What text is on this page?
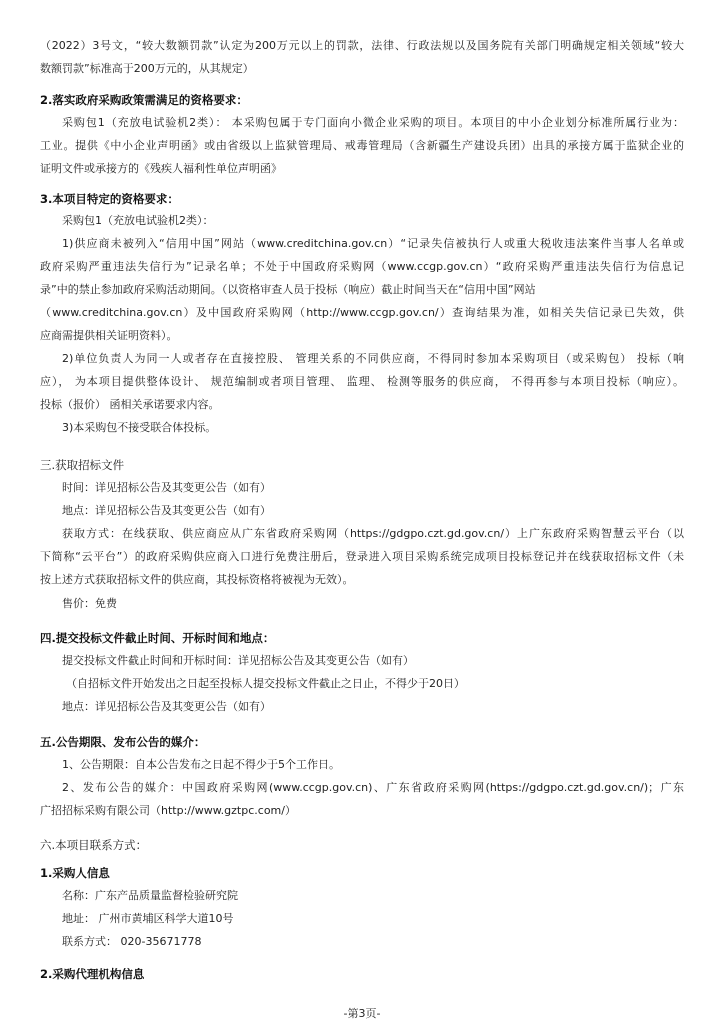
（2022）3号文，“较大数额罚款”认定为200万元以上的罚款，法律、行政法规以及国务院有关部门明确规定相关领域“较大
数额罚款”标准高于200万元的，从其规定）
2.落实政府采购政策需满足的资格要求：
采购包1（充放电试验机2类）： 本采购包属于专门面向小微企业采购的项目。本项目的中小企业划分标准所属行业为：
工业。提供《中小企业声明函》或由省级以上监狱管理局、戒毒管理局（含新疆生产建设兵团）出具的承接方属于监狱企业的
证明文件或承接方的《残疾人福利性单位声明函》
3.本项目特定的资格要求：
采购包1（充放电试验机2类）：
1)供应商未被列入“信用中国”网站（www.creditchina.gov.cn）“记录失信被执行人或重大税收违法案件当事人名单或
政府采购严重违法失信行为”记录名单；不处于中国政府采购网（www.ccgp.gov.cn）“政府采购严重违法失信行为信息记
录”中的禁止参加政府采购活动期间。（以资格审查人员于投标（响应）截止时间当天在“信用中国”网站
（www.creditchina.gov.cn）及中国政府采购网（http://www.ccgp.gov.cn/）查询结果为准，如相关失信记录已失效，供
应商需提供相关证明资料）。
2)单位负责人为同一人或者存在直接控股、 管理关系的不同供应商，不得同时参加本采购项目（或采购包） 投标（响
应）， 为本项目提供整体设计、 规范编制或者项目管理、 监理、 检测等服务的供应商， 不得再参与本项目投标（响应）。
投标（报价） 函相关承诺要求内容。
3)本采购包不接受联合体投标。
三.获取招标文件
时间：详见招标公告及其变更公告（如有）
地点：详见招标公告及其变更公告（如有）
获取方式：在线获取、供应商应从广东省政府采购网（https://gdgpo.czt.gd.gov.cn/）上广东政府采购智慧云平台（以
下简称“云平台”）的政府采购供应商入口进行免费注册后，登录进入项目采购系统完成项目投标登记并在线获取招标文件（未
按上述方式获取招标文件的供应商，其投标资格将被视为无效）。
售价：免费
四.提交投标文件截止时间、开标时间和地点：
提交投标文件截止时间和开标时间：详见招标公告及其变更公告（如有）
（自招标文件开始发出之日起至投标人提交投标文件截止之日止，不得少于20日）
地点：详见招标公告及其变更公告（如有）
五.公告期限、发布公告的媒介：
1、公告期限：自本公告发布之日起不得少于5个工作日。
2、发布公告的媒介：中国政府采购网(www.ccgp.gov.cn)、广东省政府采购网(https://gdgpo.czt.gd.gov.cn/)；广东
广招招标采购有限公司（http://www.gztpc.com/）
六.本项目联系方式：
1.采购人信息
名称：广东产品质量监督检验研究院
地址： 广州市黄埔区科学大道10号
联系方式： 020-35671778
2.采购代理机构信息
-第3页-
